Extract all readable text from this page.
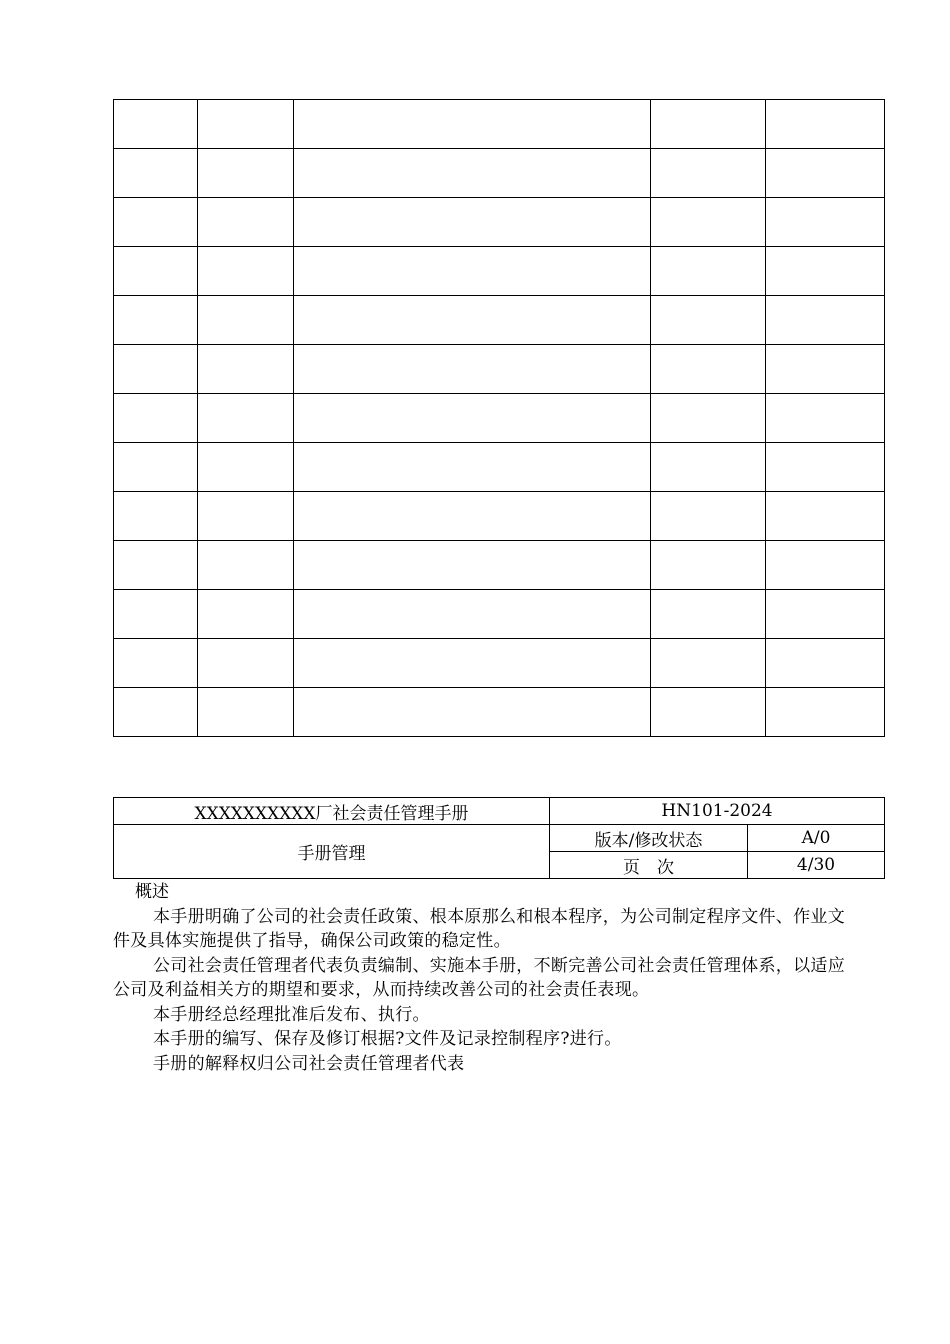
XXXXXXXXXX厂社会责任管理手册	HN101-2024	
手册管理	版本/修改状态	A/0
	页　次	4/30

概述

本手册明确了公司的社会责任政策、根本原那么和根本程序，为公司制定程序文件、作业文件及具体实施提供了指导，确保公司政策的稳定性。

公司社会责任管理者代表负责编制、实施本手册，不断完善公司社会责任管理体系，以适应公司及利益相关方的期望和要求，从而持续改善公司的社会责任表现。

本手册经总经理批准后发布、执行。

本手册的编写、保存及修订根据?文件及记录控制程序?进行。

手册的解释权归公司社会责任管理者代表
